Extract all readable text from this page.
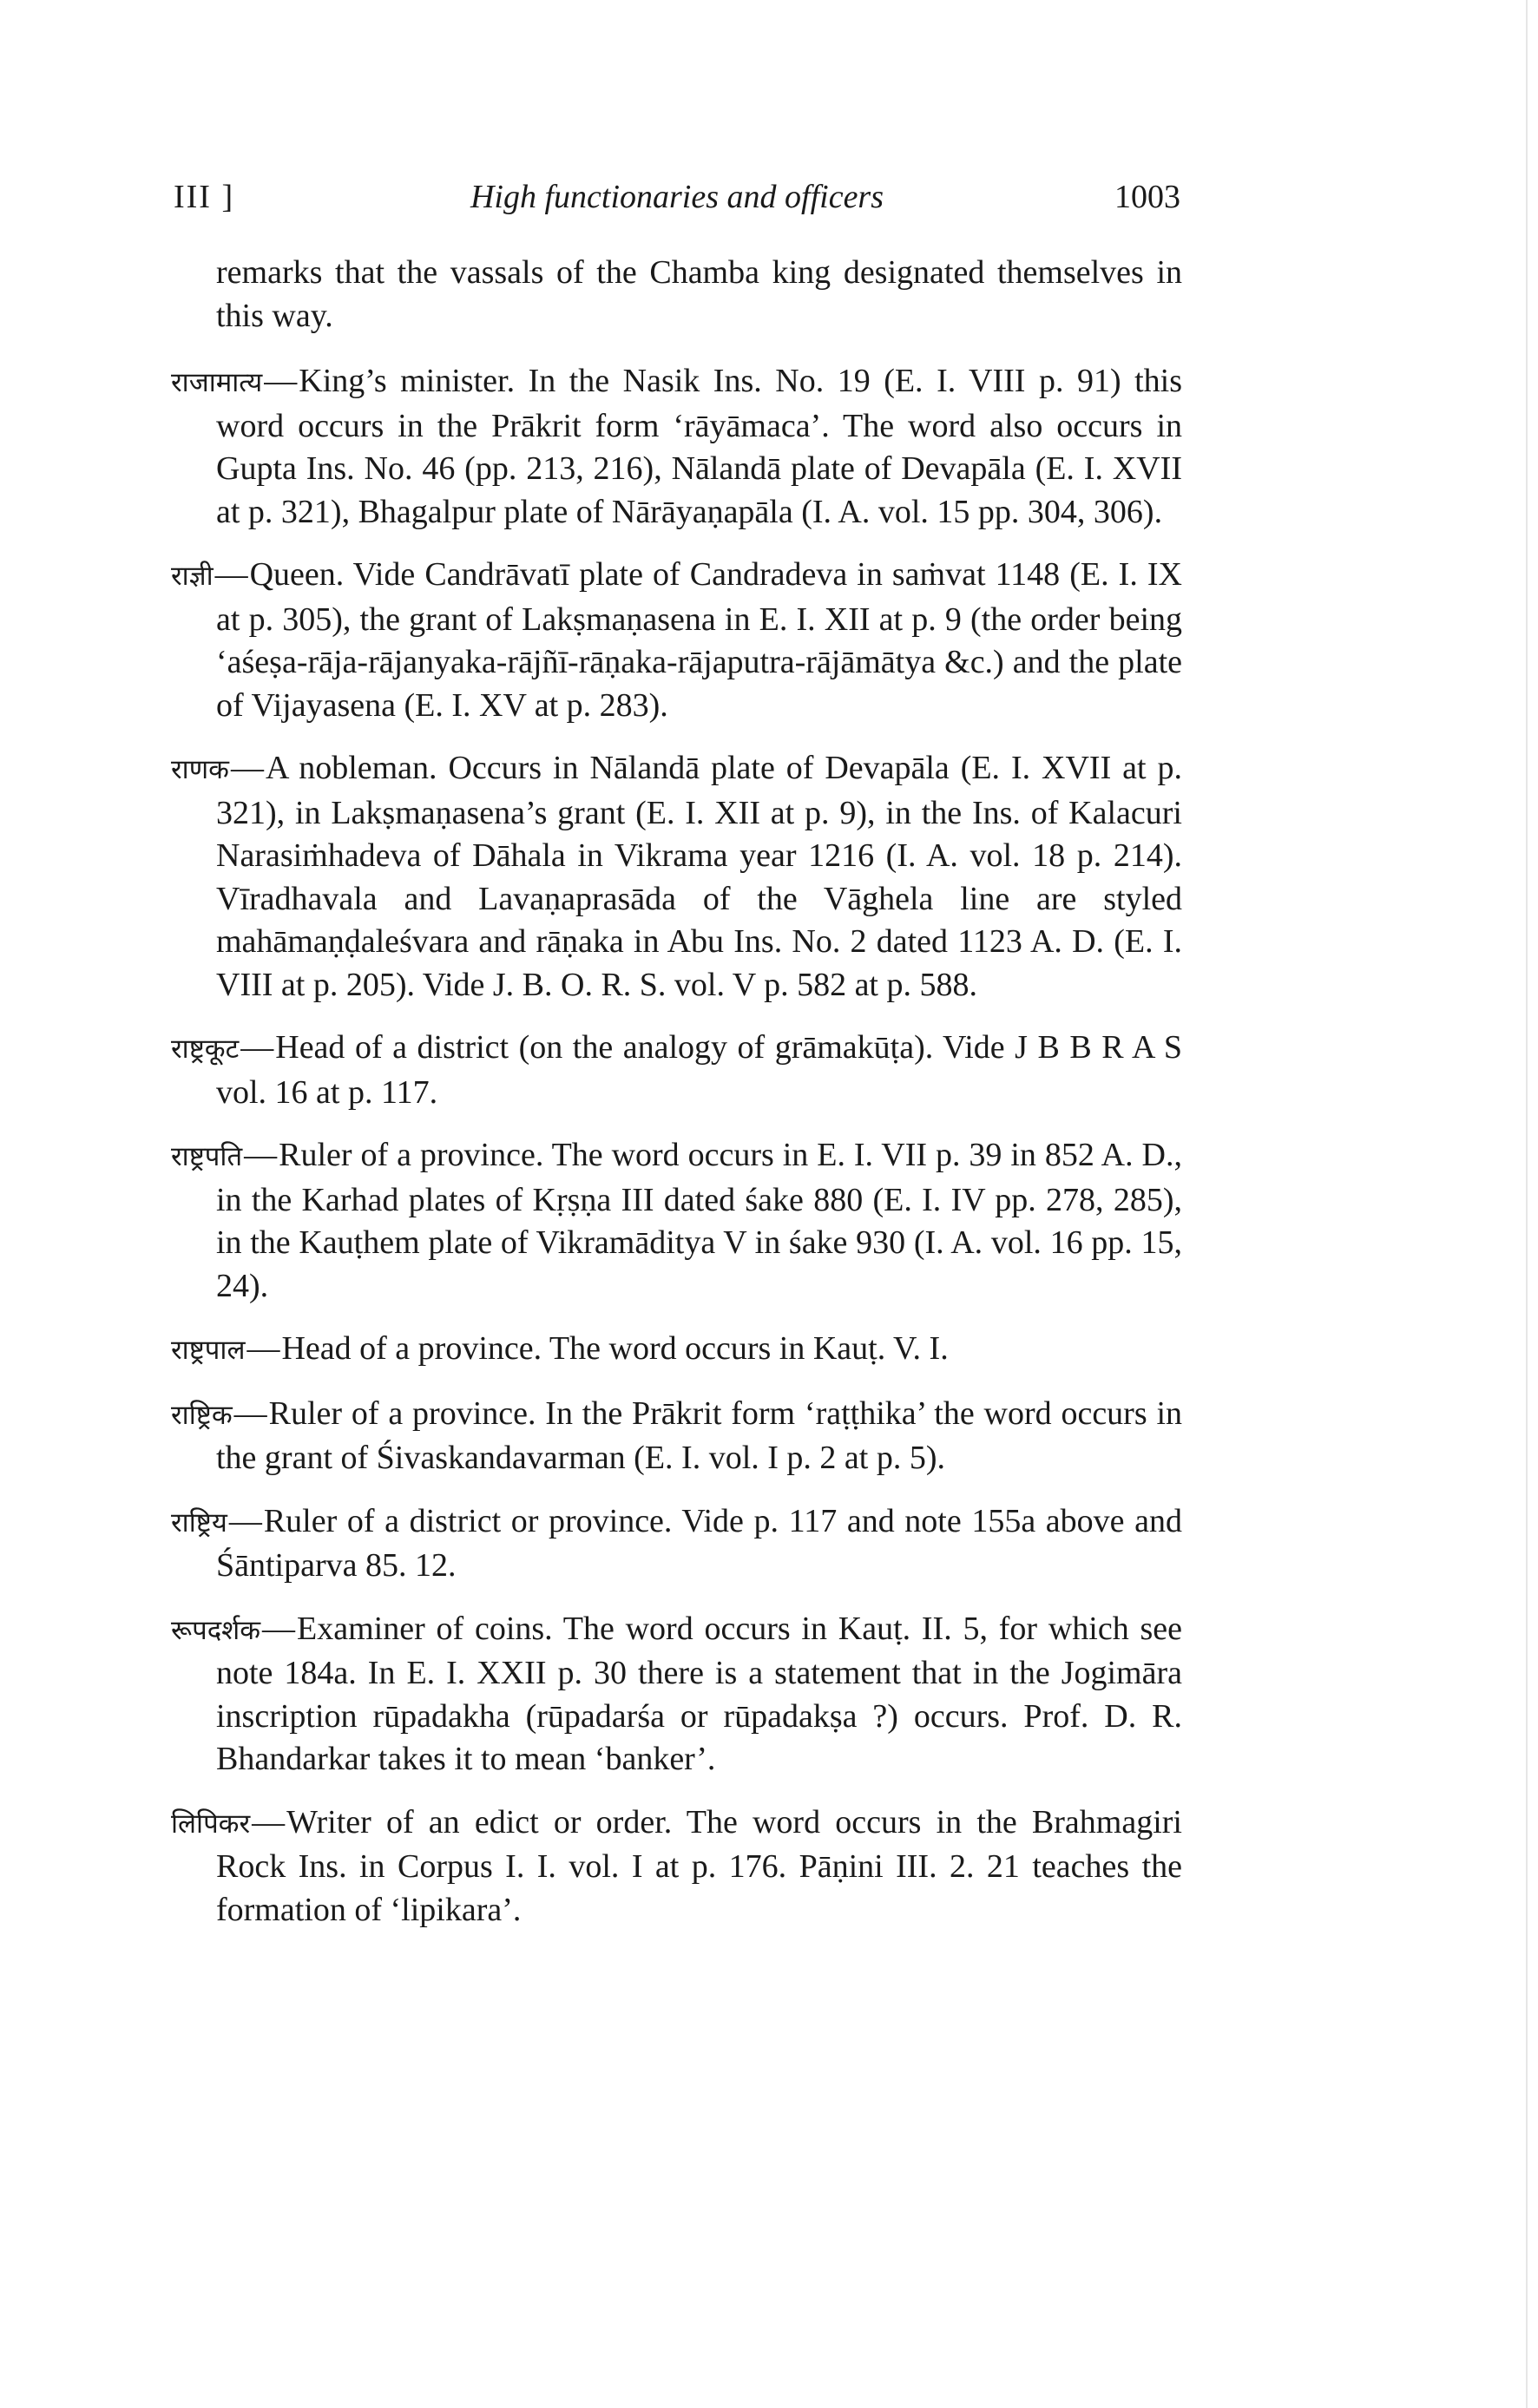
III ]	High functionaries and officers	1003

remarks that the vassals of the Chamba king designated themselves in this way.

राजामात्य—King’s minister. In the Nasik Ins. No. 19 (E. I. VIII p. 91) this word occurs in the Prākrit form ‘rāyāmaca’. The word also occurs in Gupta Ins. No. 46 (pp. 213, 216), Nālandā plate of Devapāla (E. I. XVII at p. 321), Bhagalpur plate of Nārāyaṇapāla (I. A. vol. 15 pp. 304, 306).

राज्ञी—Queen. Vide Candrāvatī plate of Candradeva in saṁvat 1148 (E. I. IX at p. 305), the grant of Lakṣmaṇasena in E. I. XII at p. 9 (the order being ‘aśeṣa-rāja-rājanyaka-rājñī-rāṇaka-rājaputra-rājāmātya &c.) and the plate of Vijayasena (E. I. XV at p. 283).

राणक—A nobleman. Occurs in Nālandā plate of Devapāla (E. I. XVII at p. 321), in Lakṣmaṇasena’s grant (E. I. XII at p. 9), in the Ins. of Kalacuri Narasiṁhadeva of Dāhala in Vikrama year 1216 (I. A. vol. 18 p. 214). Vīradhavala and Lavaṇaprasāda of the Vāghela line are styled mahāmaṇḍaleśvara and rāṇaka in Abu Ins. No. 2 dated 1123 A. D. (E. I. VIII at p. 205). Vide J. B. O. R. S. vol. V p. 582 at p. 588.

राष्ट्रकूट—Head of a district (on the analogy of grāmakūṭa). Vide J B B R A S vol. 16 at p. 117.

राष्ट्रपति—Ruler of a province. The word occurs in E. I. VII p. 39 in 852 A. D., in the Karhad plates of Kṛṣṇa III dated śake 880 (E. I. IV pp. 278, 285), in the Kauṭhem plate of Vikramāditya V in śake 930 (I. A. vol. 16 pp. 15, 24).

राष्ट्रपाल—Head of a province. The word occurs in Kauṭ. V. I.

राष्ट्रिक—Ruler of a province. In the Prākrit form ‘raṭṭhika’ the word occurs in the grant of Śivaskandavarman (E. I. vol. I p. 2 at p. 5).

राष्ट्रिय—Ruler of a district or province. Vide p. 117 and note 155a above and Śāntiparva 85. 12.

रूपदर्शक—Examiner of coins. The word occurs in Kauṭ. II. 5, for which see note 184a. In E. I. XXII p. 30 there is a statement that in the Jogimāra inscription rūpadakha (rūpadarśa or rūpadakṣa ?) occurs. Prof. D. R. Bhandarkar takes it to mean ‘banker’.

लिपिकर—Writer of an edict or order. The word occurs in the Brahmagiri Rock Ins. in Corpus I. I. vol. I at p. 176. Pāṇini III. 2. 21 teaches the formation of ‘lipikara’.
